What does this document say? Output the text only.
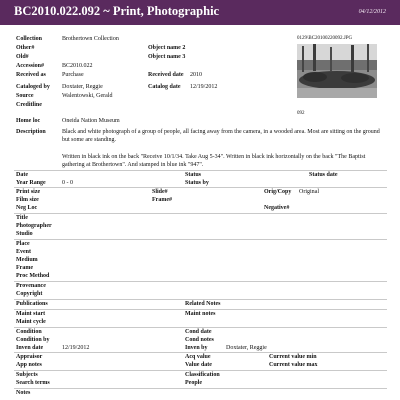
BC2010.022.092 ~ Print, Photographic	04/12/2012
Collection	Brothertown Collection
Other#	Object name 2
Old#	Object name 3
Accession#	BC2010.022
Received as	Purchase	Received date 2010
Cataloged by Doxtater, Reggie	Catalog date 12/19/2012
Source	Walentowski, Gerald
Creditline
0129\BC20100220092.JPG
092
Home loc	Oneida Nation Museum
Description	Black and white photograph of a group of people, all facing away from the camera, in a wooded area. Most are sitting on the ground but some are standing.
Written in black ink on the back "Receive 10/1/34. Take Aug 5-34". Written in black ink horizontally on the back "The Baptist gathering at Brothertown". And stamped in blue ink "947".
Date	Status	Status date
Year Range	0 - 0	Status by
Print size	Slide#	Orig/Copy Original
Film size	Frame#
Neg Loc	Negative#
Title
Photographer
Studio
Place
Event
Medium
Frame
Proc Method
Provenance
Copyright
Publications	Related Notes
Maint start	Maint notes
Maint cycle
Condition	Cond date
Condition by	Cond notes
Inven date	12/19/2012	Inven by	Doxtater, Reggie
Appraisor	Acq value	Current value min
App notes	Value date	Current value max
Subjects	Classification
Search terms	People
Notes
